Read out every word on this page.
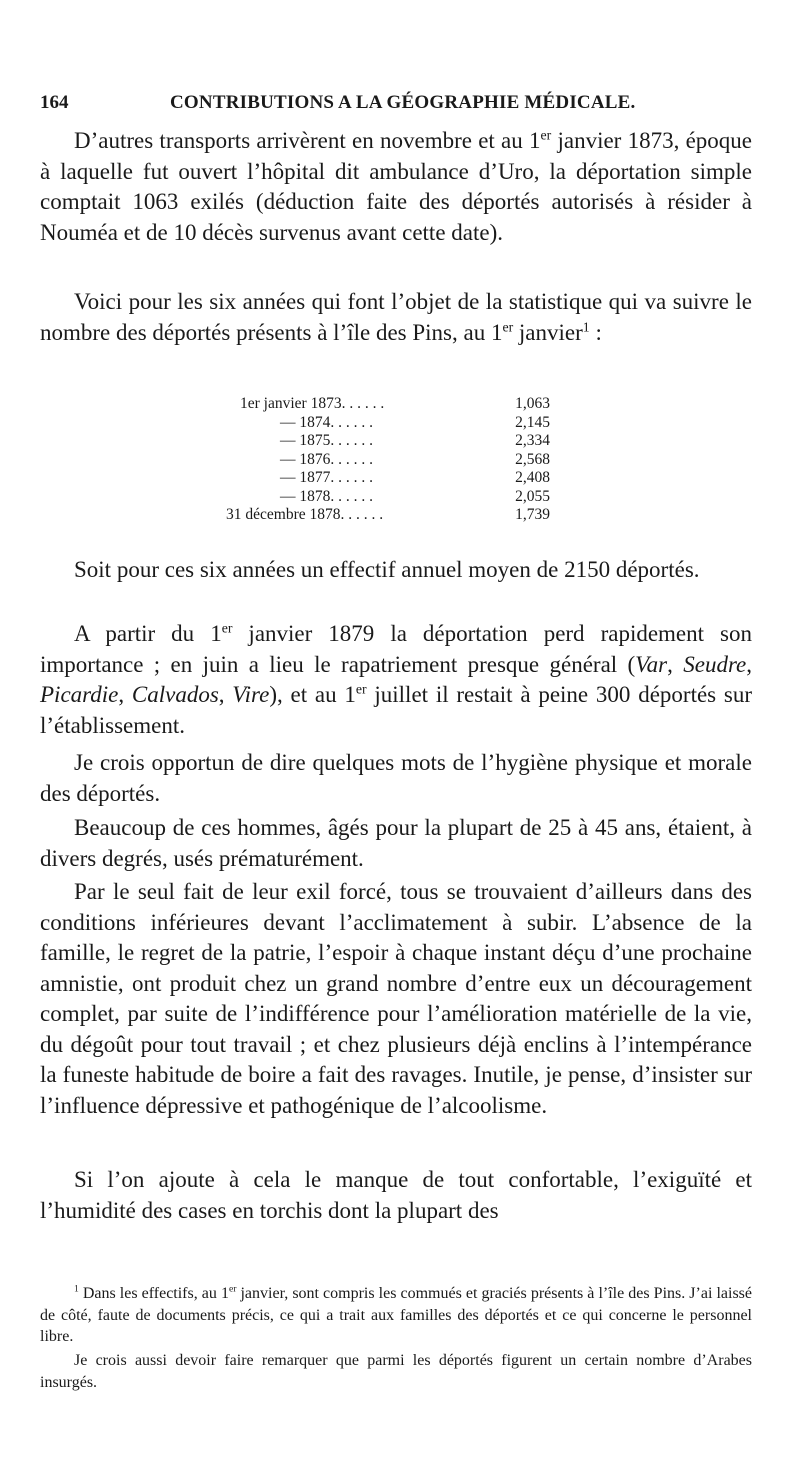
164	CONTRIBUTIONS A LA GÉOGRAPHIE MÉDICALE.

D’autres transports arrivèrent en novembre et au 1er janvier 1873, époque à laquelle fut ouvert l’hôpital dit ambulance d’Uro, la déportation simple comptait 1063 exilés (déduction faite des déportés autorisés à résider à Nouméa et de 10 décès survenus avant cette date).

Voici pour les six années qui font l’objet de la statistique qui va suivre le nombre des déportés présents à l’île des Pins, au 1er janvier$^1$ :

1er janvier 1873. . . . . .	1,063
— 1874. . . . . .	2,145
— 1875. . . . . .	2,334
— 1876. . . . . .	2,568
— 1877. . . . . .	2,408
— 1878. . . . . .	2,055
31 décembre 1878. . . . . .	1,739

Soit pour ces six années un effectif annuel moyen de 2150 déportés.

A partir du 1er janvier 1879 la déportation perd rapidement son importance ; en juin a lieu le rapatriement presque général (Var, Seudre, Picardie, Calvados, Vire), et au 1er juillet il restait à peine 300 déportés sur l’établissement.

Je crois opportun de dire quelques mots de l’hygiène physique et morale des déportés.

Beaucoup de ces hommes, âgés pour la plupart de 25 à 45 ans, étaient, à divers degrés, usés prématurément.

Par le seul fait de leur exil forcé, tous se trouvaient d’ailleurs dans des conditions inférieures devant l’acclimatement à subir. L’absence de la famille, le regret de la patrie, l’espoir à chaque instant déçu d’une prochaine amnistie, ont produit chez un grand nombre d’entre eux un découragement complet, par suite de l’indifférence pour l’amélioration matérielle de la vie, du dégoût pour tout travail ; et chez plusieurs déjà enclins à l’intempérance la funeste habitude de boire a fait des ravages. Inutile, je pense, d’insister sur l’influence dépressive et pathogénique de l’alcoolisme.

Si l’on ajoute à cela le manque de tout confortable, l’exiguïté et l’humidité des cases en torchis dont la plupart des

$^1$ Dans les effectifs, au 1er janvier, sont compris les commués et graciés présents à l’île des Pins. J’ai laissé de côté, faute de documents précis, ce qui a trait aux familles des déportés et ce qui concerne le personnel libre.

Je crois aussi devoir faire remarquer que parmi les déportés figurent un certain nombre d’Arabes insurgés.
